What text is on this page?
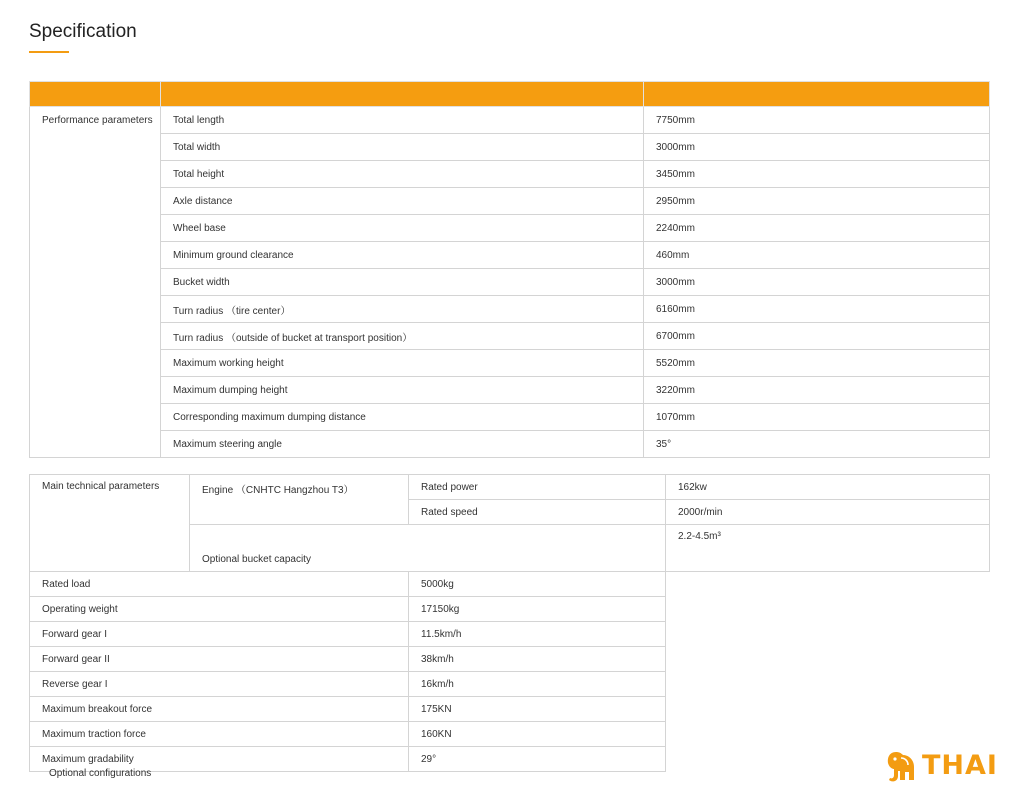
Specification

Performance parameters	Total length	7750mm
	Total width	3000mm
	Total height	3450mm
	Axle distance	2950mm
	Wheel base	2240mm
	Minimum ground clearance	460mm
	Bucket width	3000mm
	Turn radius （tire center）	6160mm
	Turn radius （outside of bucket at transport position）	6700mm
	Maximum working height	5520mm
	Maximum dumping height	3220mm
	Corresponding maximum dumping distance	1070mm
	Maximum steering angle	35°
Main technical parameters	Engine （CNHTC Hangzhou T3）	Rated power	162kw
		Rated speed	2000r/min
	Optional bucket capacity		2.2-4.5m³
Rated load		5000kg	
Operating weight		17150kg	
Forward gear I		11.5km/h	
Forward gear II		38km/h	
Reverse gear I		16km/h	
Maximum breakout force		175KN	
Maximum traction force		160KN	
Maximum gradability		29°	
Optional configurations	THAI
